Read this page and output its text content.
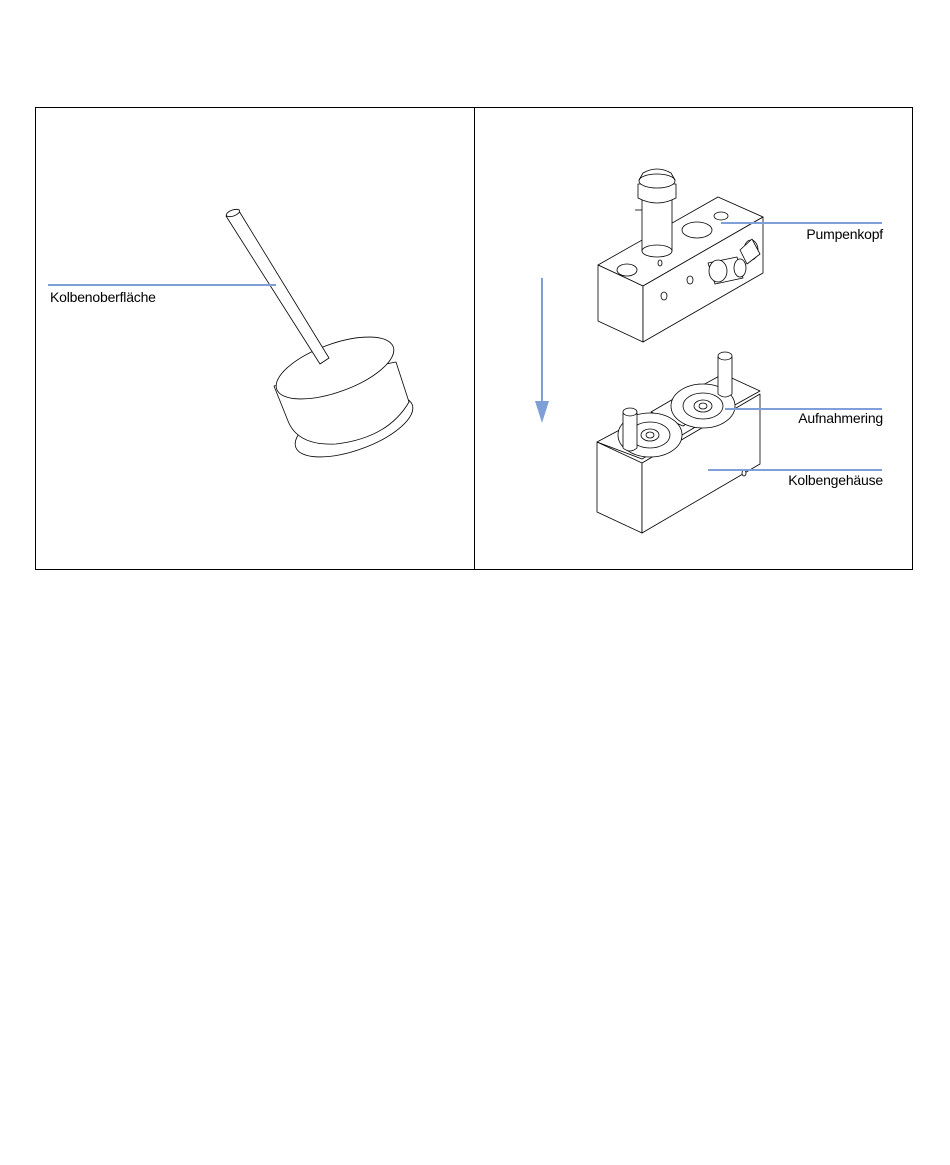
Kolbenoberfläche
Pumpenkopf
Aufnahmering
Kolbengehäuse
